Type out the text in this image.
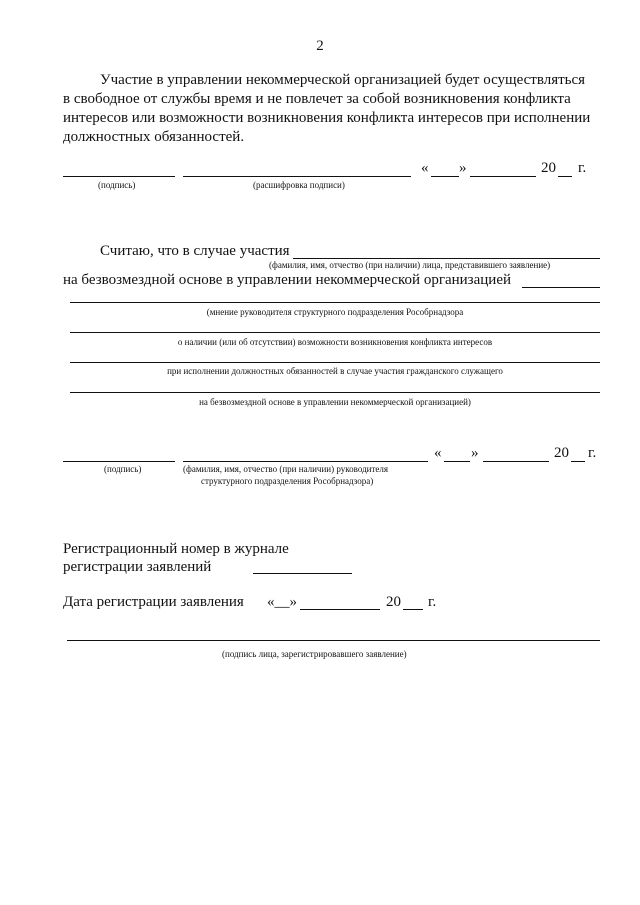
2
Участие в управлении некоммерческой организацией будет осуществляться
в свободное от службы время и не повлечет за собой возникновения конфликта
интересов или возможности возникновения конфликта интересов при исполнении
должностных обязанностей.
« »	20 г.
(подпись)	(расшифровка подписи)
Считаю, что в случае участия
(фамилия, имя, отчество (при наличии) лица, представившего заявление)
на безвозмездной основе в управлении некоммерческой организацией
(мнение руководителя структурного подразделения Рособрнадзора
о наличии (или об отсутствии) возможности возникновения конфликта интересов
при исполнении должностных обязанностей в случае участия гражданского служащего
на безвозмездной основе в управлении некоммерческой организацией)
« »	20 г.
(подпись)	(фамилия, имя, отчество (при наличии) руководителя
структурного подразделения Рособрнадзора)
Регистрационный номер в журнале
регистрации заявлений
Дата регистрации заявления «__»	20 г.
(подпись лица, зарегистрировавшего заявление)
